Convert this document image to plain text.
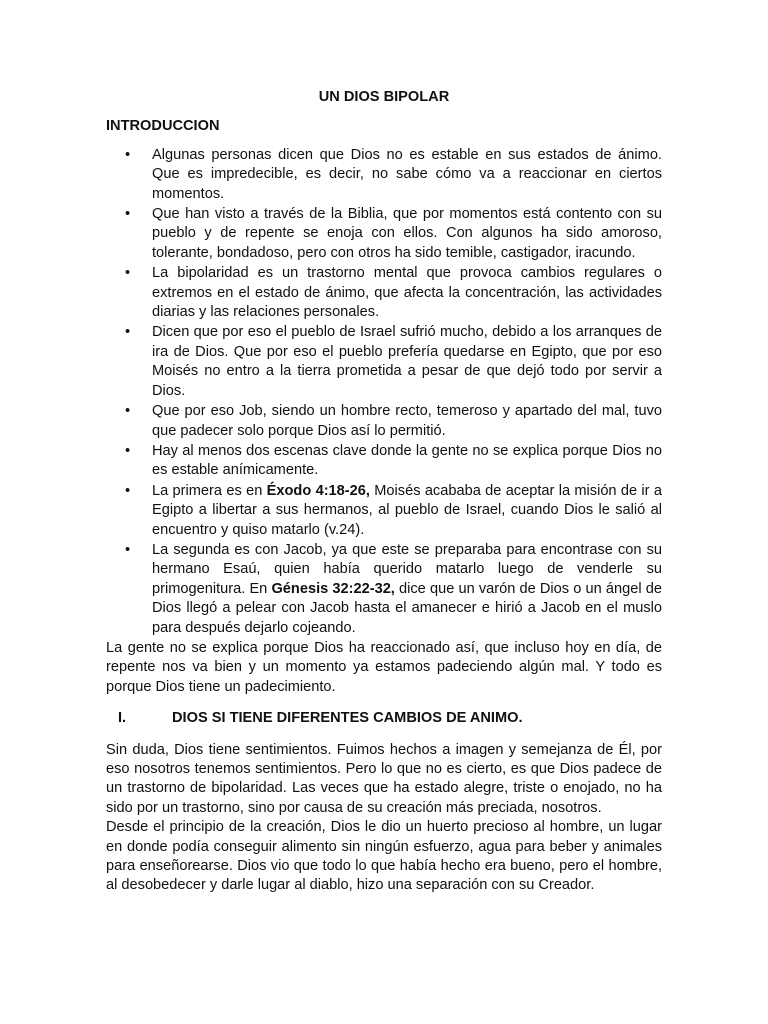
UN DIOS BIPOLAR
INTRODUCCION
• Algunas personas dicen que Dios no es estable en sus estados de ánimo. Que es impredecible, es decir, no sabe cómo va a reaccionar en ciertos momentos.
• Que han visto a través de la Biblia, que por momentos está contento con su pueblo y de repente se enoja con ellos. Con algunos ha sido amoroso, tolerante, bondadoso, pero con otros ha sido temible, castigador, iracundo.
• La bipolaridad es un trastorno mental que provoca cambios regulares o extremos en el estado de ánimo, que afecta la concentración, las actividades diarias y las relaciones personales.
• Dicen que por eso el pueblo de Israel sufrió mucho, debido a los arranques de ira de Dios. Que por eso el pueblo prefería quedarse en Egipto, que por eso Moisés no entro a la tierra prometida a pesar de que dejó todo por servir a Dios.
• Que por eso Job, siendo un hombre recto, temeroso y apartado del mal, tuvo que padecer solo porque Dios así lo permitió.
• Hay al menos dos escenas clave donde la gente no se explica porque Dios no es estable anímicamente.
• La primera es en Éxodo 4:18-26, Moisés acababa de aceptar la misión de ir a Egipto a libertar a sus hermanos, al pueblo de Israel, cuando Dios le salió al encuentro y quiso matarlo (v.24).
• La segunda es con Jacob, ya que este se preparaba para encontrase con su hermano Esaú, quien había querido matarlo luego de venderle su primogenitura. En Génesis 32:22-32, dice que un varón de Dios o un ángel de Dios llegó a pelear con Jacob hasta el amanecer e hirió a Jacob en el muslo para después dejarlo cojeando.

La gente no se explica porque Dios ha reaccionado así, que incluso hoy en día, de repente nos va bien y un momento ya estamos padeciendo algún mal. Y todo es porque Dios tiene un padecimiento.

I.	DIOS SI TIENE DIFERENTES CAMBIOS DE ANIMO.

Sin duda, Dios tiene sentimientos. Fuimos hechos a imagen y semejanza de Él, por eso nosotros tenemos sentimientos. Pero lo que no es cierto, es que Dios padece de un trastorno de bipolaridad. Las veces que ha estado alegre, triste o enojado, no ha sido por un trastorno, sino por causa de su creación más preciada, nosotros.

Desde el principio de la creación, Dios le dio un huerto precioso al hombre, un lugar en donde podía conseguir alimento sin ningún esfuerzo, agua para beber y animales para enseñorearse. Dios vio que todo lo que había hecho era bueno, pero el hombre, al desobedecer y darle lugar al diablo, hizo una separación con su Creador.
